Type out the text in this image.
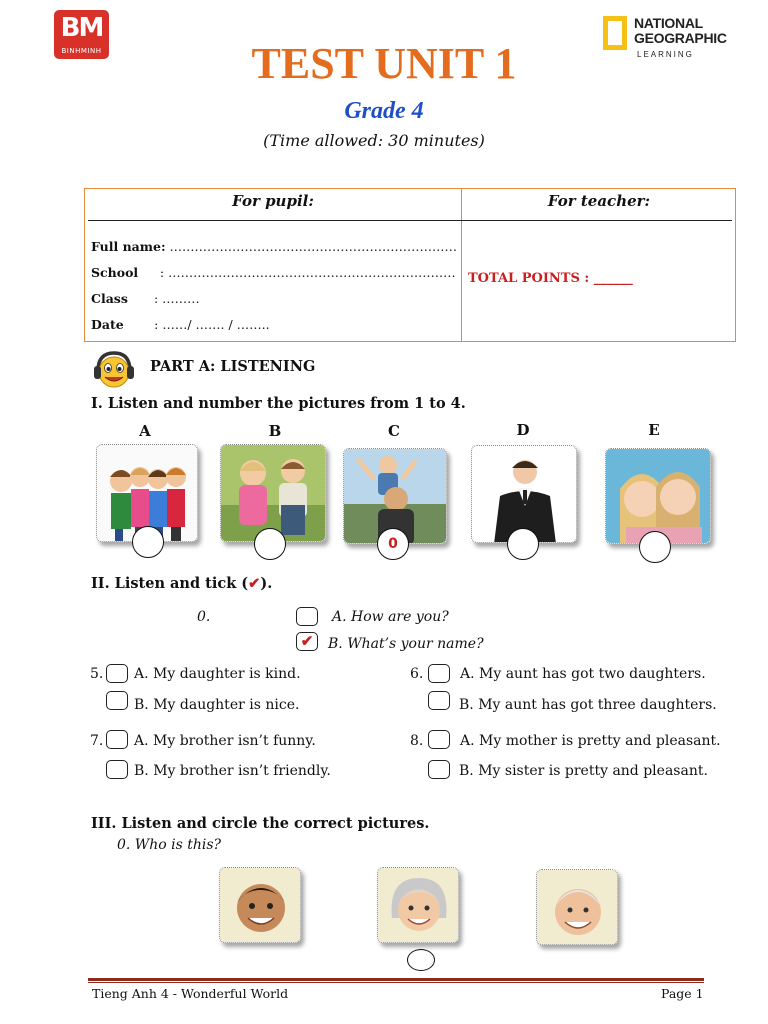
BM
BINHMINH
NATIONAL
GEOGRAPHIC
LEARNING
TEST UNIT 1
Grade 4
(Time allowed: 30 minutes)
For pupil:	For teacher:
Full name: ……………………………………………………………
School     : ……………………………………………………………
Class      : ………
Date       : ……/ ……. / ……..
TOTAL POINTS : ______
PART A: LISTENING
I. Listen and number the pictures from 1 to 4.
A	B	C	D	E
0
II. Listen and tick (✔).
0.	A. How are you?
✔	B. What’s your name?
5. A. My daughter is kind.
B. My daughter is nice.
6.	A. My aunt has got two daughters.
B. My aunt has got three daughters.
7. A. My brother isn’t funny.
B. My brother isn’t friendly.
8.	A. My mother is pretty and pleasant.
B. My sister is pretty and pleasant.
III. Listen and circle the correct pictures.
0. Who is this?
Tieng Anh 4 - Wonderful World	Page 1
